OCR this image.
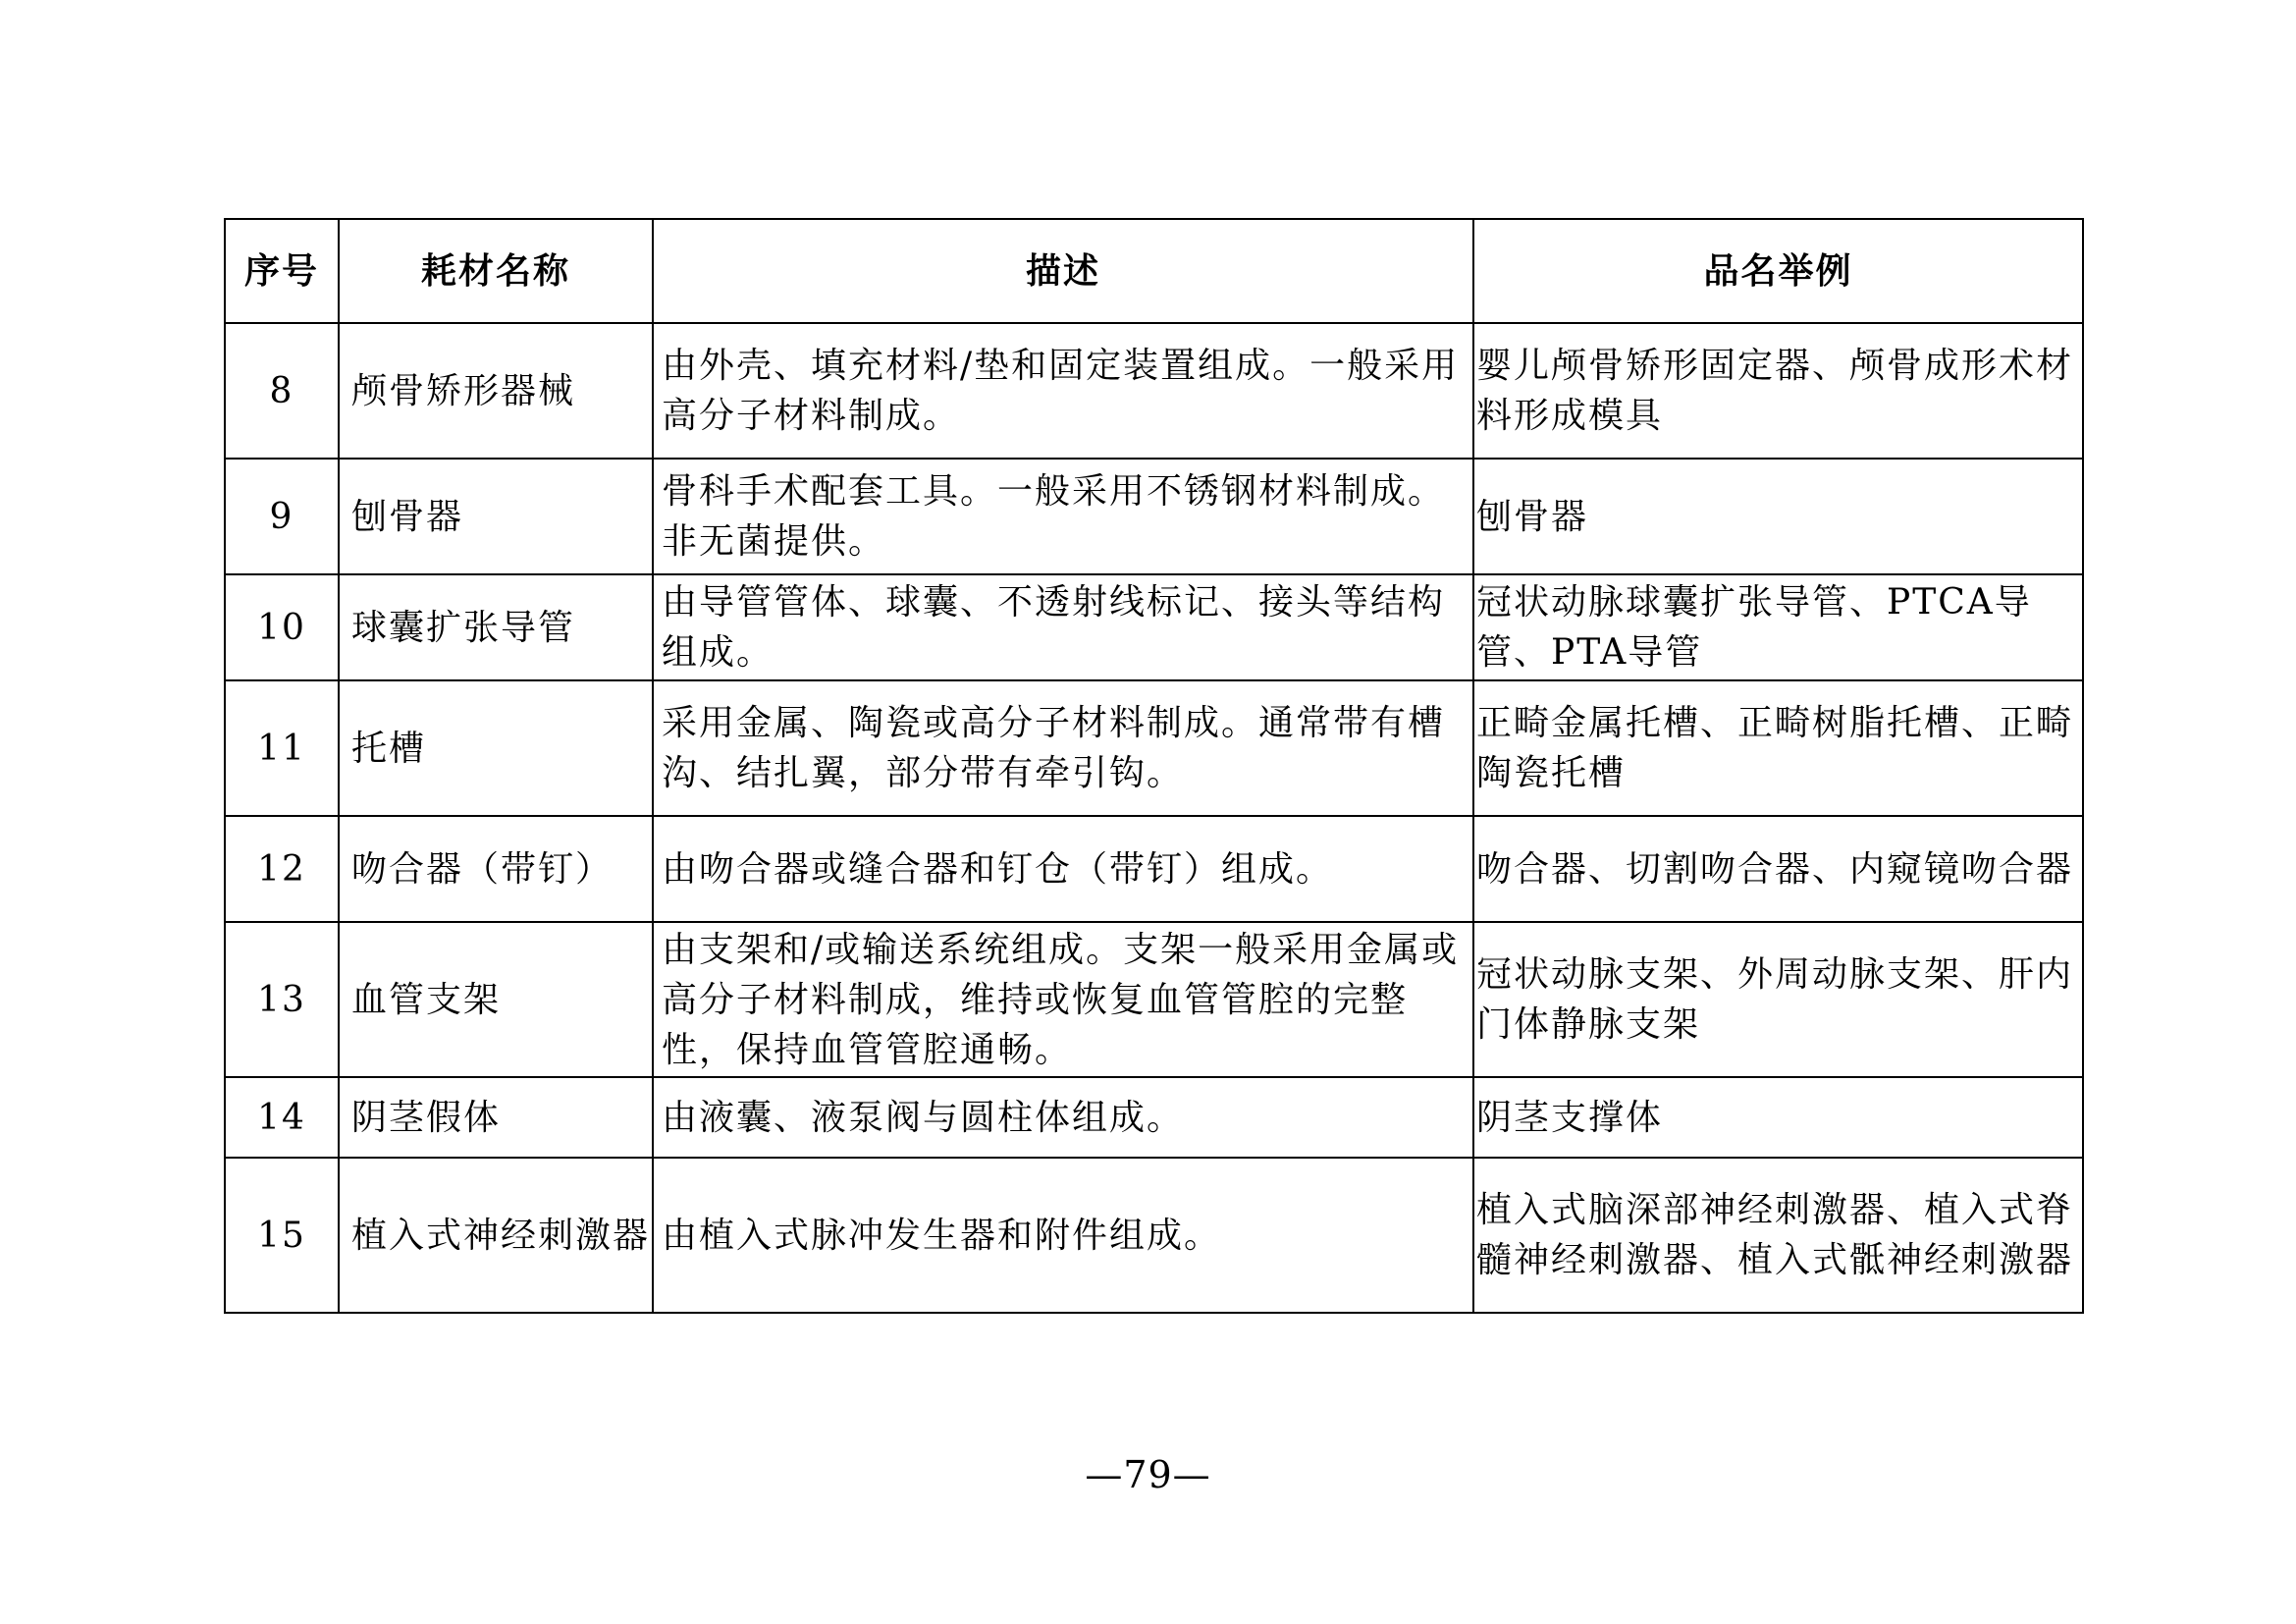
序号	耗材名称	描述	品名举例
8	颅骨矫形器械	由外壳、填充材料/垫和固定装置组成。一般采用高分子材料制成。	婴儿颅骨矫形固定器、颅骨成形术材料形成模具
9	刨骨器	骨科手术配套工具。一般采用不锈钢材料制成。非无菌提供。	刨骨器
10	球囊扩张导管	由导管管体、球囊、不透射线标记、接头等结构组成。	冠状动脉球囊扩张导管、PTCA导管、PTA导管
11	托槽	采用金属、陶瓷或高分子材料制成。通常带有槽沟、结扎翼，部分带有牵引钩。	正畸金属托槽、正畸树脂托槽、正畸陶瓷托槽
12	吻合器（带钉）	由吻合器或缝合器和钉仓（带钉）组成。	吻合器、切割吻合器、内窥镜吻合器
13	血管支架	由支架和/或输送系统组成。支架一般采用金属或高分子材料制成，维持或恢复血管管腔的完整性，保持血管管腔通畅。	冠状动脉支架、外周动脉支架、肝内门体静脉支架
14	阴茎假体	由液囊、液泵阀与圆柱体组成。	阴茎支撑体
15	植入式神经刺激器	由植入式脉冲发生器和附件组成。	植入式脑深部神经刺激器、植入式脊髓神经刺激器、植入式骶神经刺激器
—79—
